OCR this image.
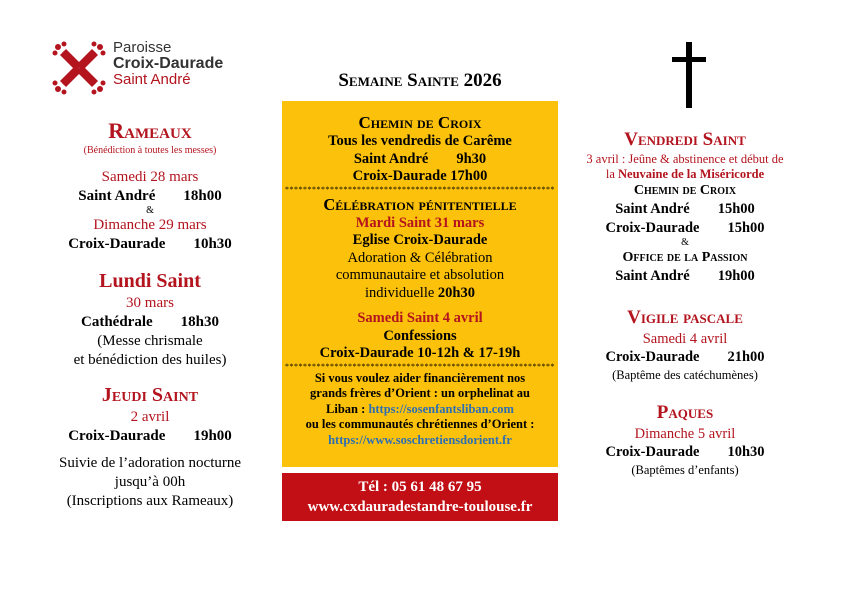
Paroisse
Croix-Daurade
Saint André
Rameaux
(Bénédiction à toutes les messes)
Samedi 28 mars
Saint André 18h00
&
Dimanche 29 mars
Croix-Daurade 10h30
Lundi Saint
30 mars
Cathédrale 18h30
(Messe chrismale
et bénédiction des huiles)
Jeudi Saint
2 avril
Croix-Daurade 19h00
Suivie de l’adoration nocturne
jusqu’à 00h
(Inscriptions aux Rameaux)
Semaine Sainte 2026
Chemin de Croix
Tous les vendredis de Carême
Saint André 9h30
Croix-Daurade 17h00
************************************************************
Célébration pénitentielle
Mardi Saint 31 mars
Eglise Croix-Daurade
Adoration & Célébration
communautaire et absolution
individuelle 20h30
Samedi Saint 4 avril
Confessions
Croix-Daurade 10-12h & 17-19h
************************************************************
Si vous voulez aider financièrement nos
grands frères d’Orient : un orphelinat au
Liban : https://sosenfantsliban.com
ou les communautés chrétiennes d’Orient :
https://www.soschretiensdorient.fr
Tél : 05 61 48 67 95
www.cxdauradestandre-toulouse.fr
Vendredi Saint
3 avril : Jeûne & abstinence et début de
la Neuvaine de la Miséricorde
Chemin de Croix
Saint André 15h00
Croix-Daurade 15h00
&
Office de la Passion
Saint André 19h00
Vigile pascale
Samedi 4 avril
Croix-Daurade 21h00
(Baptême des catéchumènes)
Paques
Dimanche 5 avril
Croix-Daurade 10h30
(Baptêmes d’enfants)
